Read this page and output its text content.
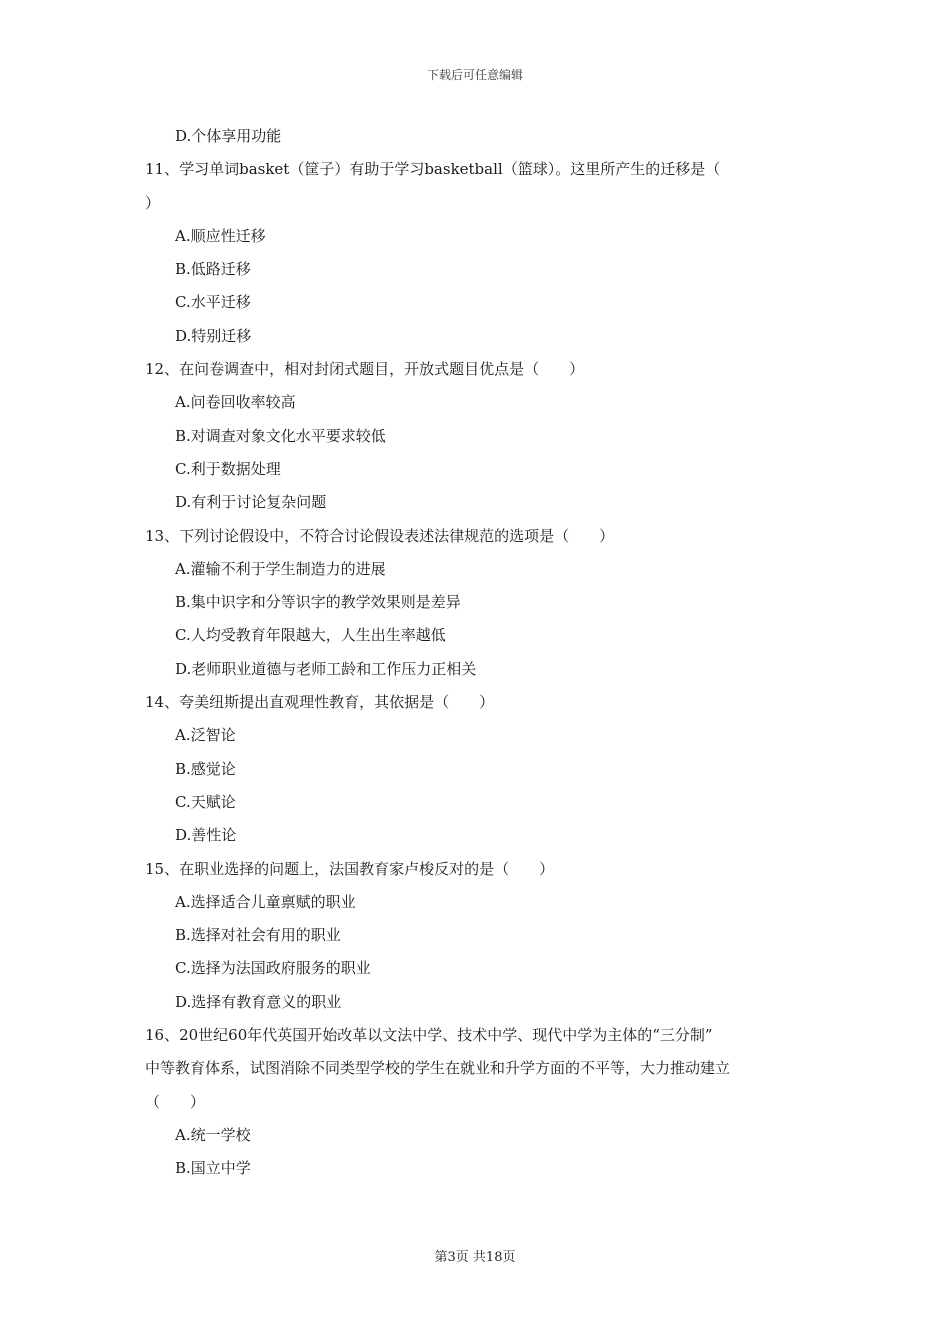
下载后可任意编辑
D.个体享用功能
11、学习单词basket（筐子）有助于学习basketball（篮球）。这里所产生的迁移是（
）
A.顺应性迁移
B.低路迁移
C.水平迁移
D.特别迁移
12、在问卷调查中，相对封闭式题目，开放式题目优点是（　　）
A.问卷回收率较高
B.对调查对象文化水平要求较低
C.利于数据处理
D.有利于讨论复杂问题
13、下列讨论假设中，不符合讨论假设表述法律规范的选项是（　　）
A.灌输不利于学生制造力的进展
B.集中识字和分等识字的教学效果则是差异
C.人均受教育年限越大，人生出生率越低
D.老师职业道德与老师工龄和工作压力正相关
14、夸美纽斯提出直观理性教育，其依据是（　　）
A.泛智论
B.感觉论
C.天赋论
D.善性论
15、在职业选择的问题上，法国教育家卢梭反对的是（　　）
A.选择适合儿童禀赋的职业
B.选择对社会有用的职业
C.选择为法国政府服务的职业
D.选择有教育意义的职业
16、20世纪60年代英国开始改革以文法中学、技术中学、现代中学为主体的“三分制”
中等教育体系，试图消除不同类型学校的学生在就业和升学方面的不平等，大力推动建立
（　　）
A.统一学校
B.国立中学
第3页 共18页
